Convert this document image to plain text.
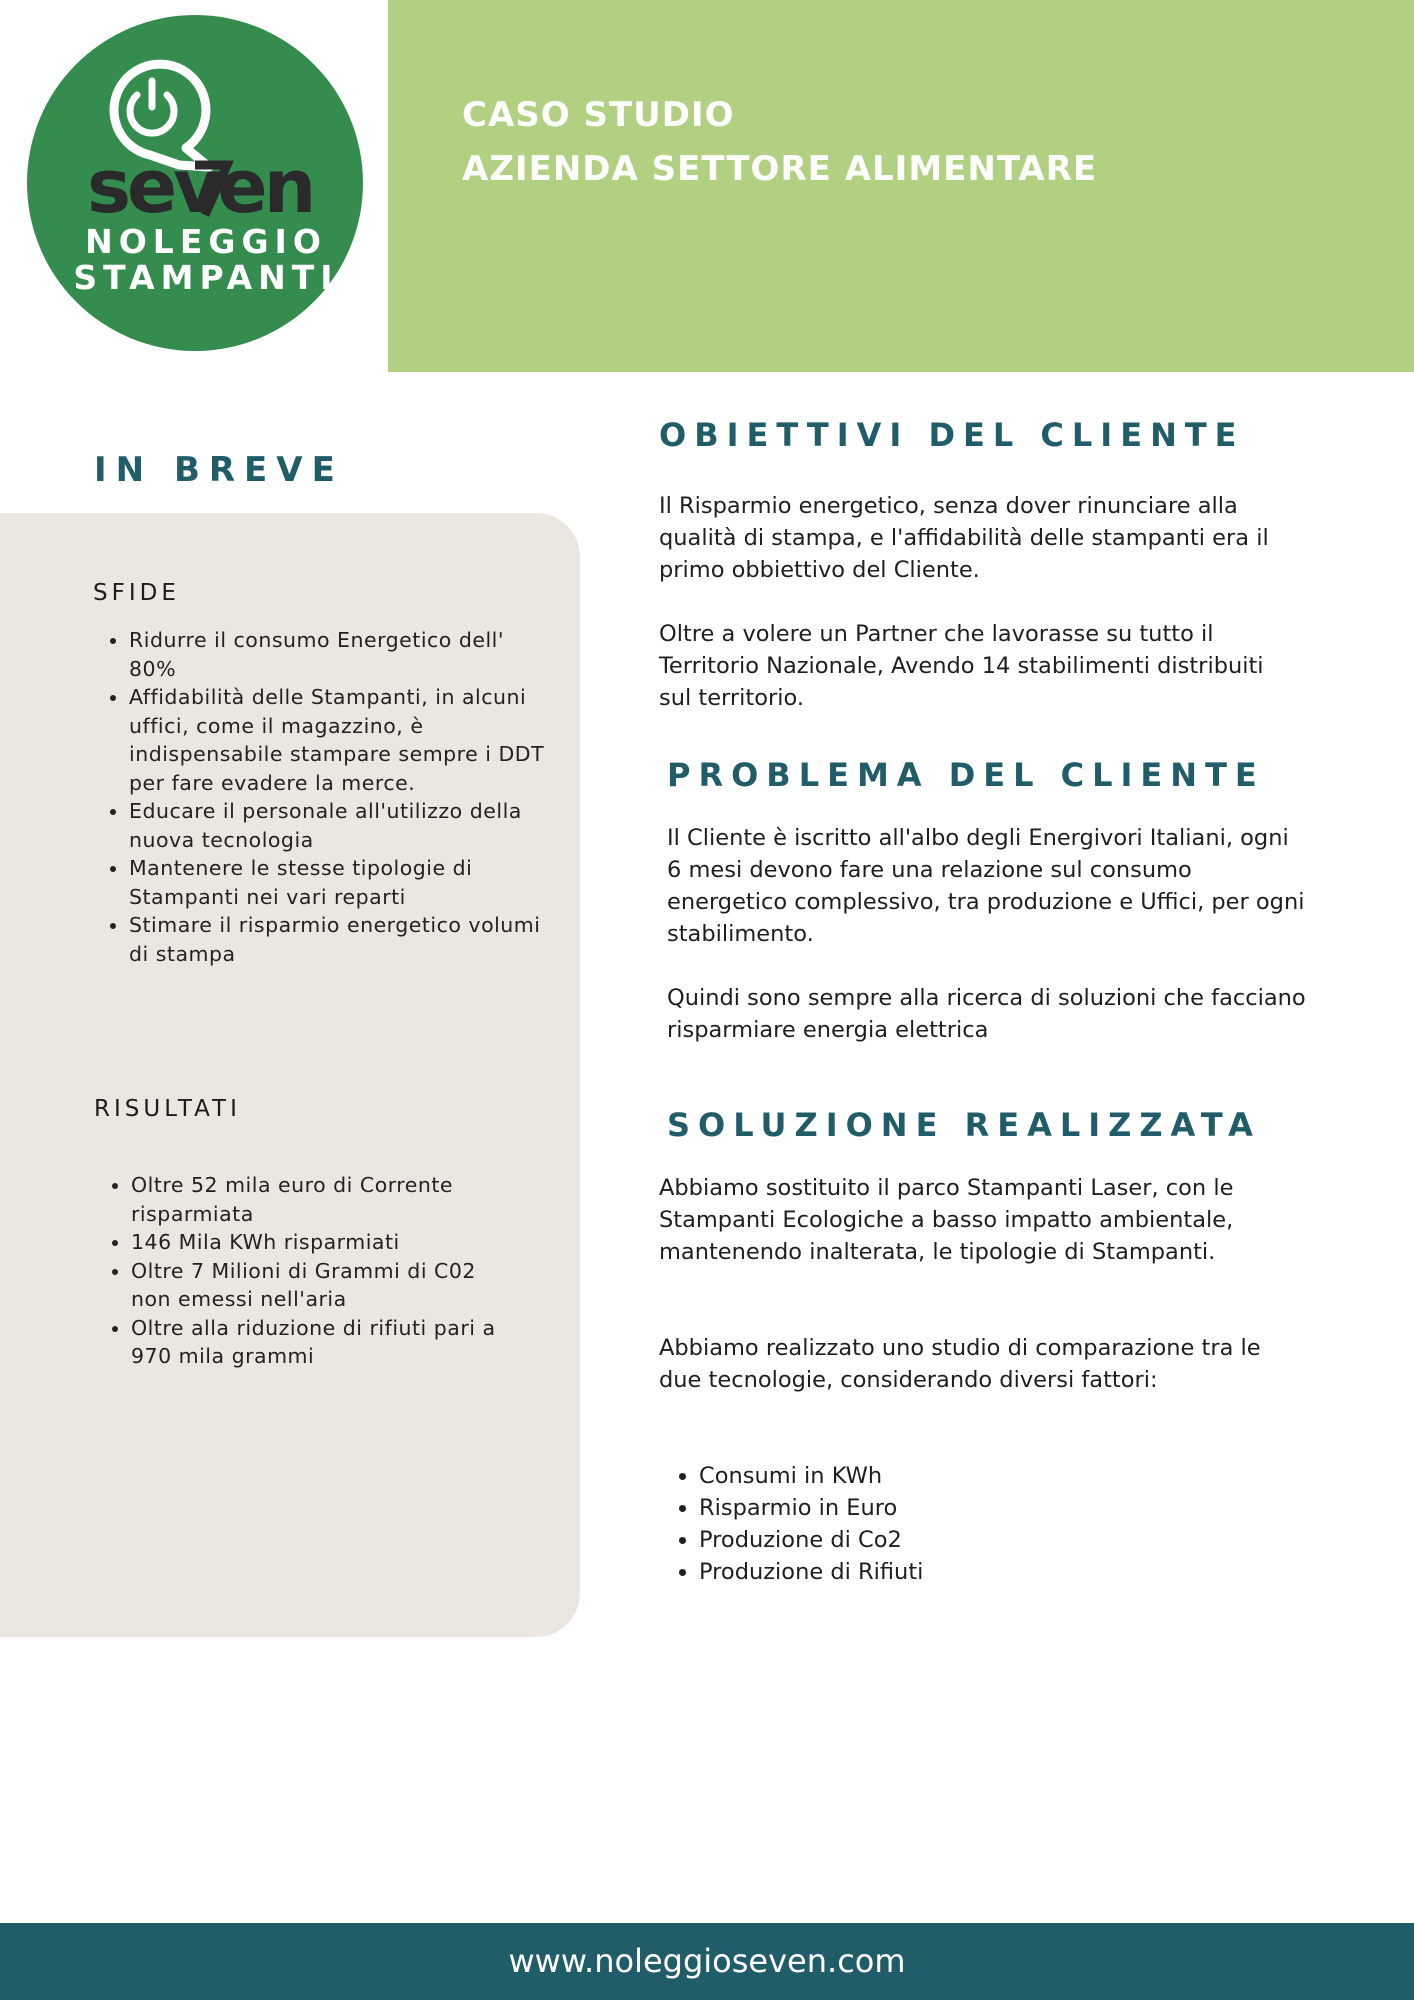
CASO STUDIO
AZIENDA SETTORE ALIMENTARE
seven
NOLEGGIO
STAMPANTI
IN BREVE
SFIDE
• Ridurre il consumo Energetico dell' 80%
• Affidabilità delle Stampanti, in alcuni uffici, come il magazzino, è indispensabile stampare sempre i DDT per fare evadere la merce.
• Educare il personale all'utilizzo della nuova tecnologia
• Mantenere le stesse tipologie di Stampanti nei vari reparti
• Stimare il risparmio energetico volumi di stampa
RISULTATI
• Oltre 52 mila euro di Corrente risparmiata
• 146 Mila KWh risparmiati
• Oltre 7 Milioni di Grammi di C02 non emessi nell'aria
• Oltre alla riduzione di rifiuti pari a 970 mila grammi
OBIETTIVI DEL CLIENTE

Il Risparmio energetico, senza dover rinunciare alla qualità di stampa, e l'affidabilità delle stampanti era il primo obbiettivo del Cliente.

Oltre a volere un Partner che lavorasse su tutto il Territorio Nazionale, Avendo 14 stabilimenti distribuiti sul territorio.

PROBLEMA DEL CLIENTE

Il Cliente è iscritto all'albo degli Energivori Italiani, ogni 6 mesi devono fare una relazione sul consumo energetico complessivo, tra produzione e Uffici, per ogni stabilimento.

Quindi sono sempre alla ricerca di soluzioni che facciano risparmiare energia elettrica

SOLUZIONE REALIZZATA

Abbiamo sostituito il parco Stampanti Laser, con le Stampanti Ecologiche a basso impatto ambientale, mantenendo inalterata, le tipologie di Stampanti.

Abbiamo realizzato uno studio di comparazione tra le due tecnologie, considerando diversi fattori:

• Consumi in KWh
• Risparmio in Euro
• Produzione di Co2
• Produzione di Rifiuti
www.noleggioseven.com
